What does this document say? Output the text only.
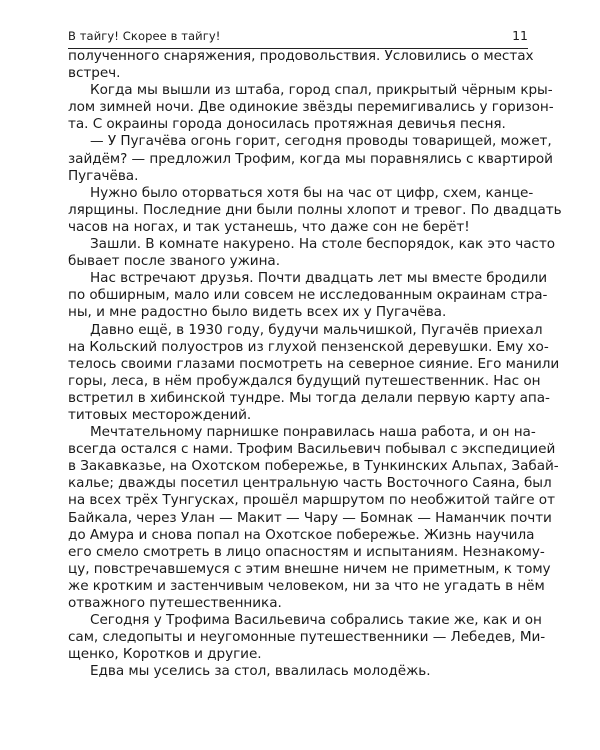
В тайгу! Скорее в тайгу!	11
полученного снаряжения, продовольствия. Условились о местах
встреч.
Когда мы вышли из штаба, город спал, прикрытый чёрным кры-
лом зимней ночи. Две одинокие звёзды перемигивались у горизон-
та. С окраины города доносилась протяжная девичья песня.
— У Пугачёва огонь горит, сегодня проводы товарищей, может,
зайдём? — предложил Трофим, когда мы поравнялись с квартирой
Пугачёва.
Нужно было оторваться хотя бы на час от цифр, схем, канце-
лярщины. Последние дни были полны хлопот и тревог. По двадцать
часов на ногах, и так устанешь, что даже сон не берёт!
Зашли. В комнате накурено. На столе беспорядок, как это часто
бывает после званого ужина.
Нас встречают друзья. Почти двадцать лет мы вместе бродили
по обширным, мало или совсем не исследованным окраинам стра-
ны, и мне радостно было видеть всех их у Пугачёва.
Давно ещё, в 1930 году, будучи мальчишкой, Пугачёв приехал
на Кольский полуостров из глухой пензенской деревушки. Ему хо-
телось своими глазами посмотреть на северное сияние. Его манили
горы, леса, в нём пробуждался будущий путешественник. Нас он
встретил в хибинской тундре. Мы тогда делали первую карту апа-
титовых месторождений.
Мечтательному парнишке понравилась наша работа, и он на-
всегда остался с нами. Трофим Васильевич побывал с экспедицией
в Закавказье, на Охотском побережье, в Тункинских Альпах, Забай-
калье; дважды посетил центральную часть Восточного Саяна, был
на всех трёх Тунгусках, прошёл маршрутом по необжитой тайге от
Байкала, через Улан — Макит — Чару — Бомнак — Наманчик почти
до Амура и снова попал на Охотское побережье. Жизнь научила
его смело смотреть в лицо опасностям и испытаниям. Незнакому-
цу, повстречавшемуся с этим внешне ничем не приметным, к тому
же кротким и застенчивым человеком, ни за что не угадать в нём
отважного путешественника.
Сегодня у Трофима Васильевича собрались такие же, как и он
сам, следопыты и неугомонные путешественники — Лебедев, Ми-
щенко, Коротков и другие.
Едва мы уселись за стол, ввалилась молодёжь.
